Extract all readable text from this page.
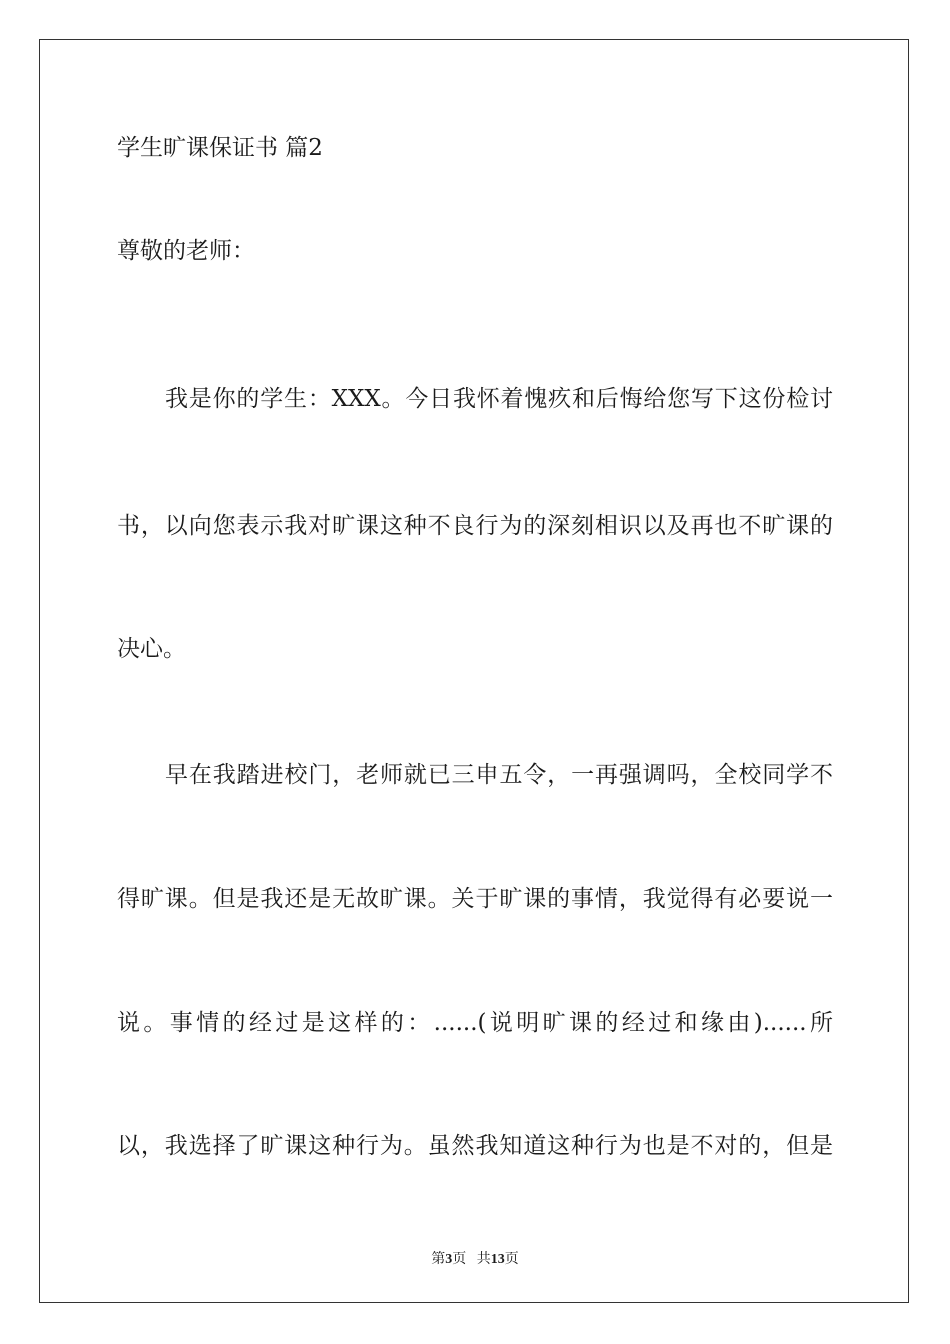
学生旷课保证书 篇2
尊敬的老师：
我是你的学生：XXX。今日我怀着愧疚和后悔给您写下这份检讨
书，以向您表示我对旷课这种不良行为的深刻相识以及再也不旷课的
决心。
早在我踏进校门，老师就已三申五令，一再强调吗，全校同学不
得旷课。但是我还是无故旷课。关于旷课的事情，我觉得有必要说一
说。事情的经过是这样的：......(说明旷课的经过和缘由)......所
以，我选择了旷课这种行为。虽然我知道这种行为也是不对的，但是
第3页 共13页
